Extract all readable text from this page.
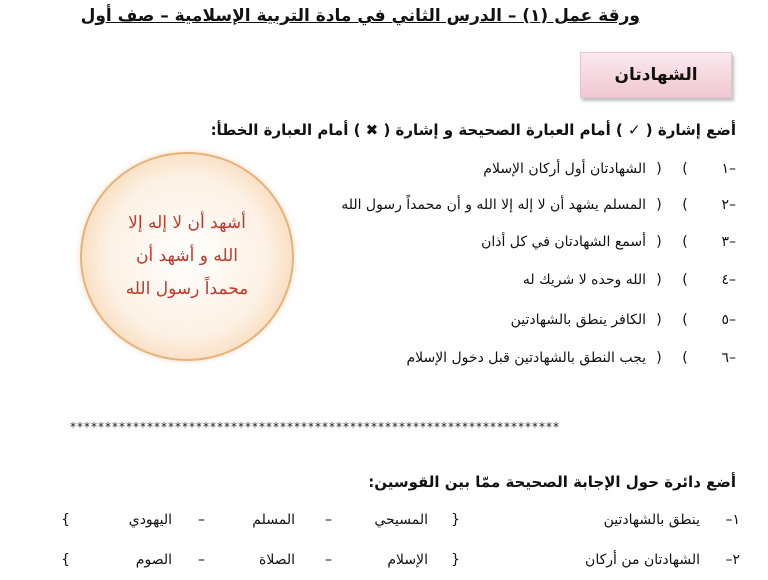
ورقة عمل (١) – الدرس الثاني في مادة التربية الإسلامية – صف أول
الشهادتان
أضع إشارة ( ✓ ) أمام العبارة الصحيحة و إشارة ( ✖ ) أمام العبارة الخطأ:
١–
(
)
الشهادتان أول أركان الإسلام
٢–
(
)
المسلم يشهد أن لا إله إلا الله و أن محمداً رسول الله
٣–
(
)
أسمع الشهادتان في كل أذان
٤–
(
)
الله وحده لا شريك له
٥–
(
)
الكافر ينطق بالشهادتين
٦–
(
)
يجب النطق بالشهادتين قبل دخول الإسلام
أشهد أن لا إله إلا
الله و أشهد أن
محمداً رسول الله
**********************************************************************
أضع دائرة حول الإجابة الصحيحة ممّا بين القوسين:
١–
ينطق بالشهادتين
{
المسيحي
–
المسلم
–
اليهودي
}
٢–
الشهادتان من أركان
{
الإسلام
–
الصلاة
–
الصوم
}
